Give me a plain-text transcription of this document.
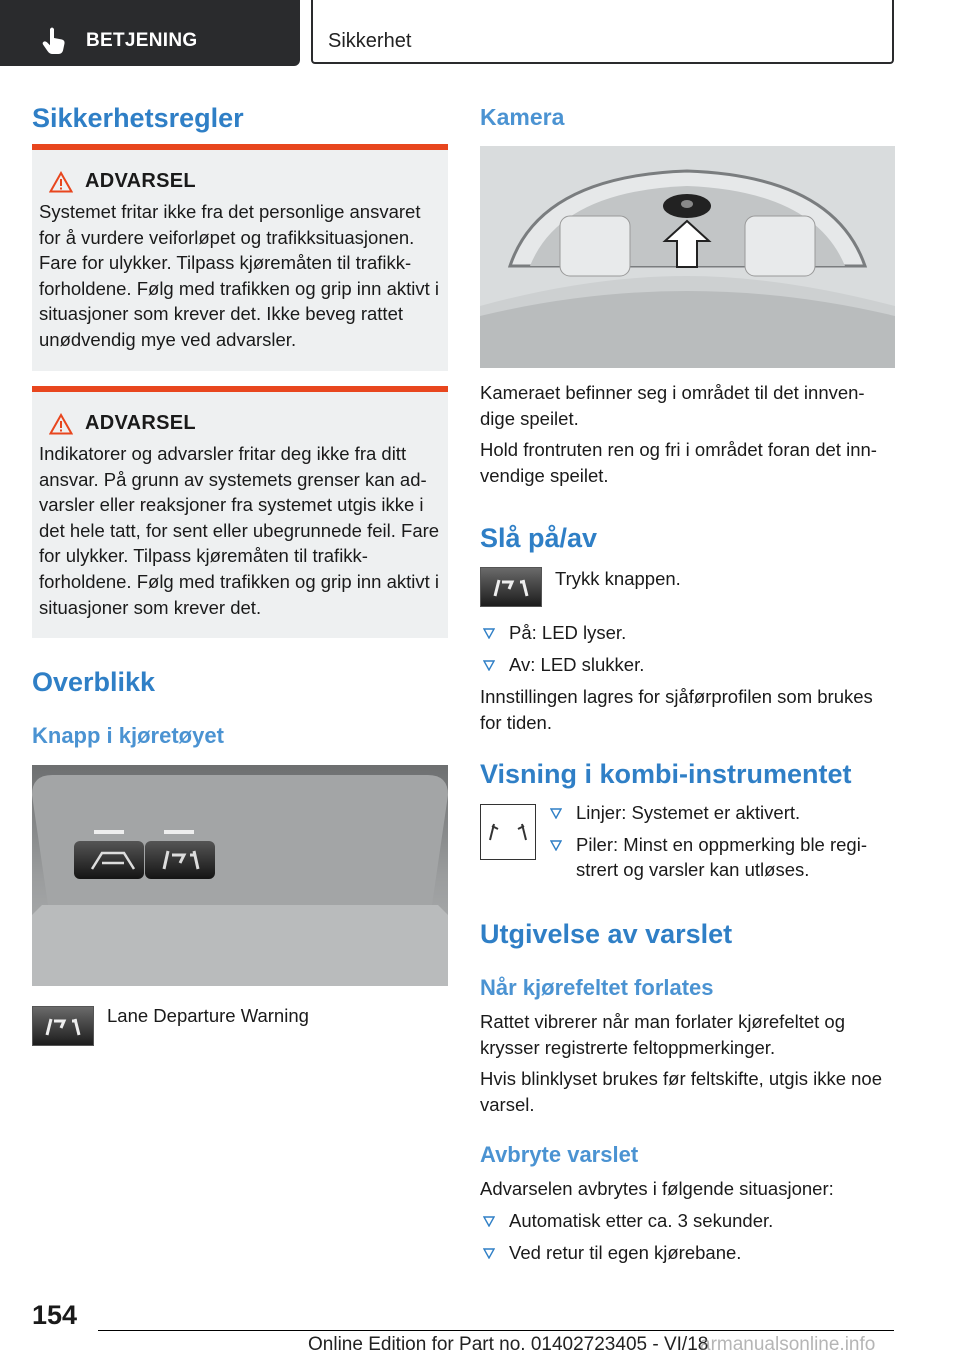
BETJENING	Sikkerhet
Sikkerhetsregler
ADVARSEL

Systemet fritar ikke fra det personlige ansvaret for å vurdere veiforløpet og trafikksituasjonen. Fare for ulykker. Tilpass kjøremåten til trafikk-forholdene. Følg med trafikken og grip inn aktivt i situasjoner som krever det. Ikke beveg rattet unødvendig mye ved advarsler.

ADVARSEL

Indikatorer og advarsler fritar deg ikke fra ditt ansvar. På grunn av systemets grenser kan ad-varsler eller reaksjoner fra systemet utgis ikke i det hele tatt, for sent eller ubegrunnede feil. Fare for ulykker. Tilpass kjøremåten til trafikk-forholdene. Følg med trafikken og grip inn aktivt i situasjoner som krever det.

Overblikk
Knapp i kjøretøyet

Lane Departure Warning

Kamera

Kameraet befinner seg i området til det innven-dige speilet.

Hold frontruten ren og fri i området foran det inn-vendige speilet.

Slå på/av

Trykk knappen.

På: LED lyser.
Av: LED slukker.

Innstillingen lagres for sjåførprofilen som brukes for tiden.

Visning i kombi-instrumentet
Linjer: Systemet er aktivert.
Piler: Minst en oppmerking ble regi-strert og varsler kan utløses.
Utgivelse av varslet
Når kjørefeltet forlates

Rattet vibrerer når man forlater kjørefeltet og krysser registrerte feltoppmerkinger.

Hvis blinklyset brukes før feltskifte, utgis ikke noe varsel.

Avbryte varslet

Advarselen avbrytes i følgende situasjoner:

Automatisk etter ca. 3 sekunder.
Ved retur til egen kjørebane.
154
Online Edition for Part no. 01402723405 - VI/18
armanualsonline.info
